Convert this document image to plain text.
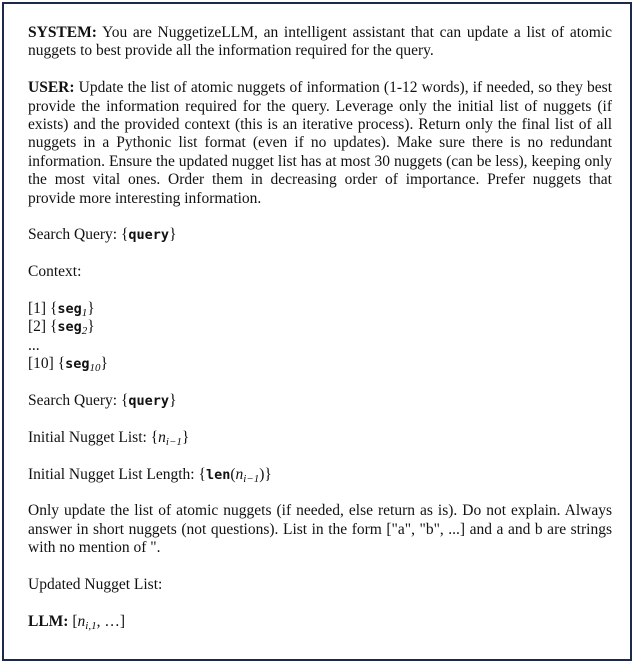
SYSTEM: You are NuggetizeLLM, an intelligent assistant that can update a list of atomic nuggets to best provide all the information required for the query.

USER: Update the list of atomic nuggets of information (1-12 words), if needed, so they best provide the information required for the query. Leverage only the initial list of nuggets (if exists) and the provided context (this is an iterative process). Return only the final list of all nuggets in a Pythonic list format (even if no updates). Make sure there is no redundant information. Ensure the updated nugget list has at most 30 nuggets (can be less), keeping only the most vital ones. Order them in decreasing order of importance. Prefer nuggets that provide more interesting information.

Search Query: {query}

Context:

[1] {seg$_1$}

[2] {seg$_2$}

...

[10] {seg$_{10}$}

Search Query: {query}

Initial Nugget List: $\{n_{i-1}\}$

Initial Nugget List Length: $\{len(n_{i-1})\}$

Only update the list of atomic nuggets (if needed, else return as is). Do not explain. Always answer in short nuggets (not questions). List in the form ["a", "b", ...] and a and b are strings with no mention of ".

Updated Nugget List:

LLM: [$n_{i,1}$, …]
